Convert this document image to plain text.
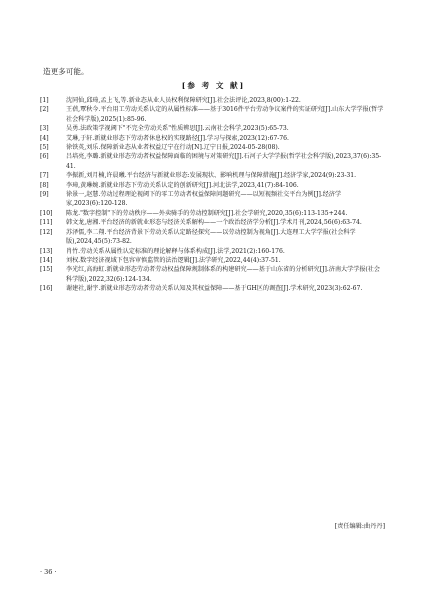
造更多可能。
[参 考 文 献]
[1]	沈同仙,邱琦,孟上飞,等.新业态从业人员权利保障研究[J].社会法评论,2023,8(00):1-22.
[2]	王蓓,覃秋今.平台用工劳动关系认定的从属性标准——基于3016件平台劳动争议案件的实证研究[J].山东大学学报(哲学社会科学版),2025(1):85-96.
[3]	吴勇.法政策学视阈下"不完全劳动关系"性质辨思[J].云南社会科学,2023(5):65-73.
[4]	艾琳,于轩.新就业形态下劳动者休息权的实现路径[J].学习与探索,2023(12):67-76.
[5]	徐铁英,刘乐.保障新业态从业者权益辽宁在行动[N].辽宁日报,2024-05-28(08).
[6]	吕培亮,李璐.新就业形态劳动者权益保障面临的困境与对策研究[J].石河子大学学报(哲学社会科学版),2023,37(6):35-41.
[7]	李振新,刘月楠,许晨曦.平台经济与新就业形态:发展现状、影响机理与保障措施[J].经济学家,2024(9):23-31.
[8]	李璋,黄琳婉.新就业形态下劳动关系认定的创新研究[J].河北法学,2023,41(7):84-106.
[9]	徐景一,赵慧.劳动过程理论视阈下的零工劳动者权益保障问题研究——以短视频社交平台为例[J].经济学家,2023(6):120-128.
[10]	陈龙."数字控制"下的劳动秩序——外卖骑手的劳动控制研究[J].社会学研究,2020,35(6):113-135+244.
[11]	韩文龙,唐湘.平台经济的新就业形态与经济关系解构——一个政治经济学分析[J].学术月刊,2024,56(6):63-74.
[12]	苏泽儒,李二翔.平台经济背景下劳动关系认定路径探究——以劳动控制为视角[J].大连理工大学学报(社会科学版),2024,45(5):73-82.
[13]	肖竹.劳动关系从属性认定标准的理论解释与体系构成[J].法学,2021(2):160-176.
[14]	刘权.数字经济视域下包容审慎监管的法治逻辑[J].法学研究,2022,44(4):37-51.
[15]	李光红,高海虹.新就业形态劳动者劳动权益保障规制体系的构建研究——基于山东省的分析研究[J].济南大学学报(社会科学版),2022,32(6):124-134.
[16]	谢建社,谢宇.新就业形态劳动者劳动关系认知及其权益保障——基于GH区的调查[J].学术研究,2023(3):62-67.
[责任编辑:曲丹丹]
· 36 ·
